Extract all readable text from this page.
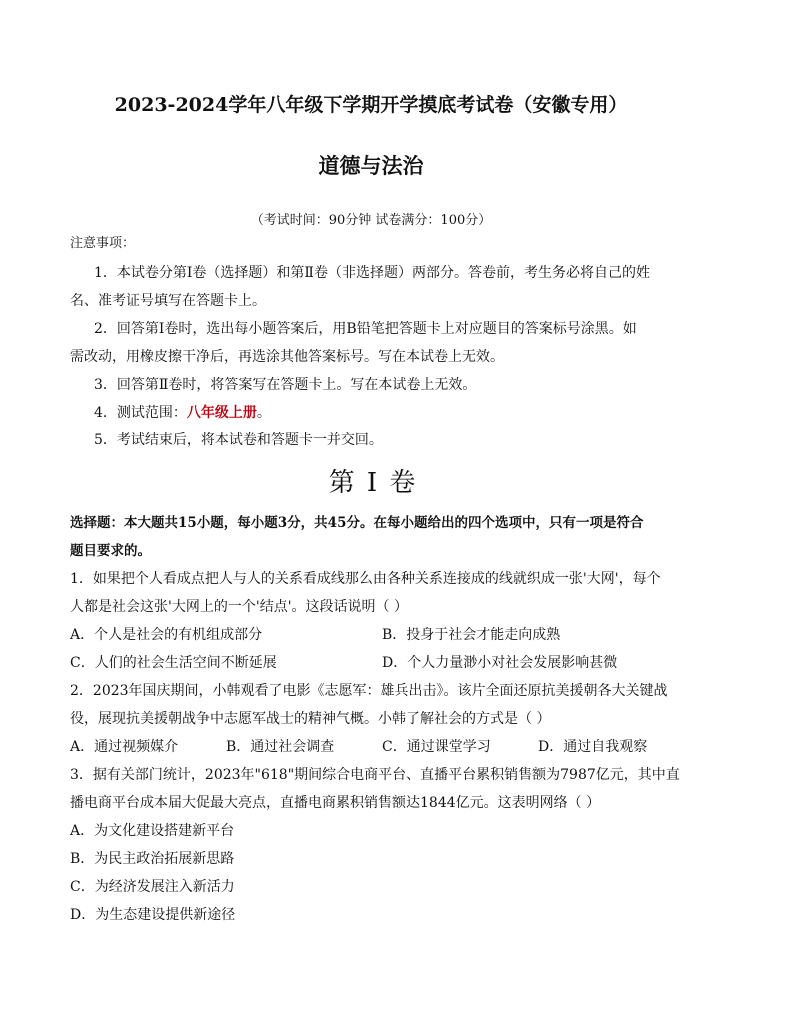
2023-2024学年八年级下学期开学摸底考试卷（安徽专用）
道德与法治
（考试时间：90分钟 试卷满分：100分）
注意事项：
1．本试卷分第Ⅰ卷（选择题）和第Ⅱ卷（非选择题）两部分。答卷前，考生务必将自己的姓
名、准考证号填写在答题卡上。
2．回答第Ⅰ卷时，选出每小题答案后，用B铅笔把答题卡上对应题目的答案标号涂黑。如
需改动，用橡皮擦干净后，再选涂其他答案标号。写在本试卷上无效。
3．回答第Ⅱ卷时，将答案写在答题卡上。写在本试卷上无效。
4．测试范围：八年级上册。
5．考试结束后，将本试卷和答题卡一并交回。
第 I 卷
选择题：本大题共15小题，每小题3分，共45分。在每小题给出的四个选项中，只有一项是符合
题目要求的。
1．如果把个人看成点把人与人的关系看成线那么由各种关系连接成的线就织成一张'大网'，每个
人都是社会这张'大网上的一个'结点'。这段话说明（ ）
A．个人是社会的有机组成部分	B．投身于社会才能走向成熟
C．人们的社会生活空间不断延展	D．个人力量渺小对社会发展影响甚微
2．2023年国庆期间，小韩观看了电影《志愿军：雄兵出击》。该片全面还原抗美援朝各大关键战
役，展现抗美援朝战争中志愿军战士的精神气概。小韩了解社会的方式是（ ）
A．通过视频媒介	B．通过社会调查	C．通过课堂学习	D．通过自我观察
3．据有关部门统计，2023年"618"期间综合电商平台、直播平台累积销售额为7987亿元，其中直
播电商平台成本届大促最大亮点，直播电商累积销售额达1844亿元。这表明网络（ ）
A．为文化建设搭建新平台
B．为民主政治拓展新思路
C．为经济发展注入新活力
D．为生态建设提供新途径
